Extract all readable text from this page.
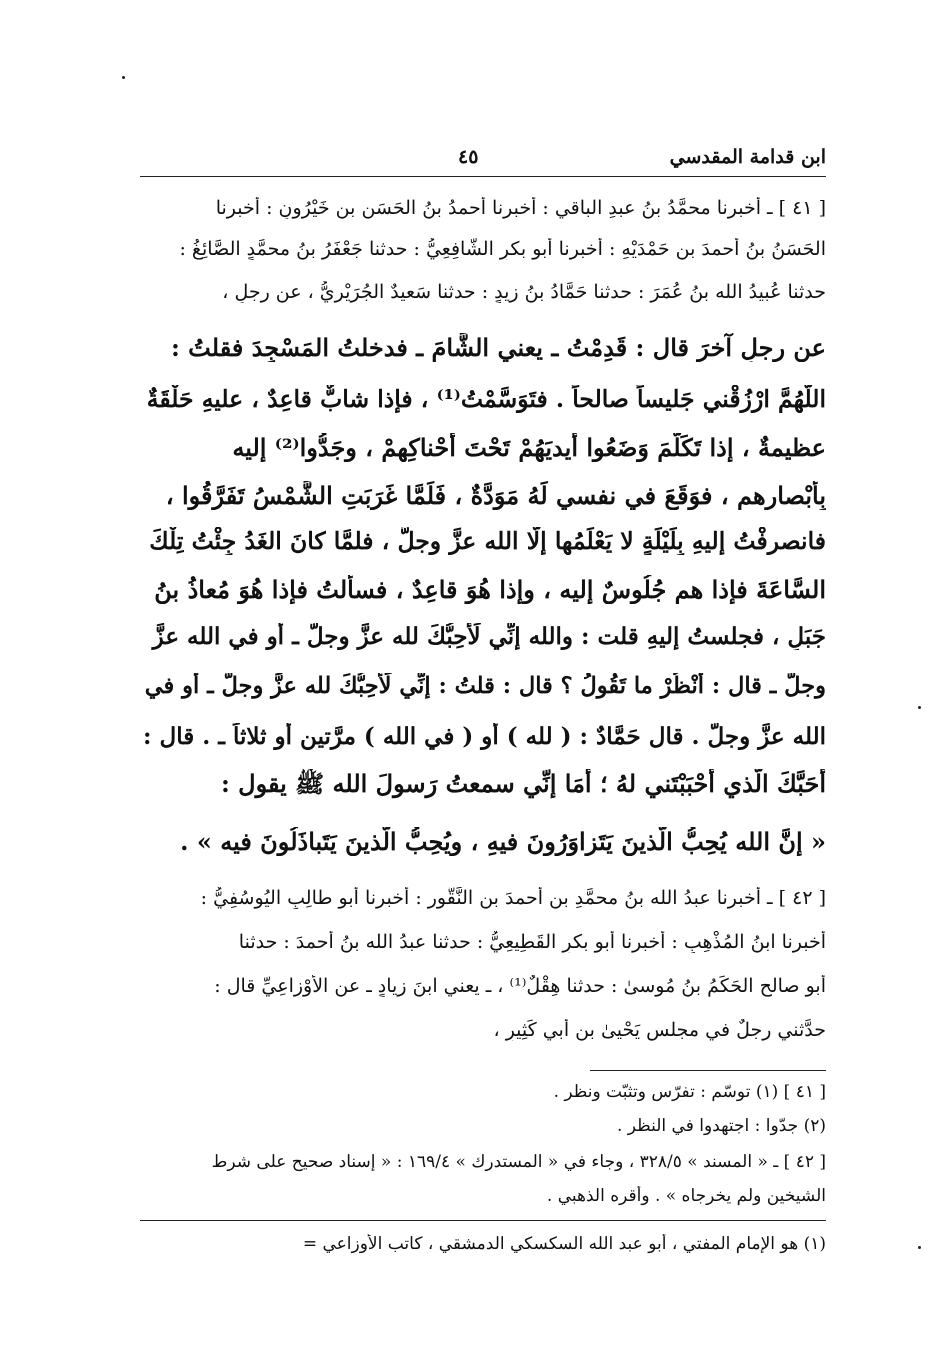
ابن قدامة المقدسي
٤٥
[ ٤١ ] ـ أخبرنا محمَّدُ بنُ عبدِ الباقي : أخبرنا أحمدُ بنُ الحَسَنِ بن خَيْرُونٍ : أخبرنا
الحَسَنُ بنُ أحمدَ بن حَمْدَيْهِ : أخبرنا أبو بكرٍ الشَّافِعِيُّ : حدثنا جَعْفَرُ بنُ محمَّدٍ الصَّائِغُ :
حدثنا عُبيدُ الله بنُ عُمَرَ : حدثنا حَمَّادُ بنُ زيدٍ : حدثنا سَعيدٌ الجُرَيْرِيُّ ، عن رجلٍ ،
عن رجلٍ آخرَ قال : قَدِمْتُ ـ يعني الشَّامَ ـ فدخلتُ المَسْجِدَ فقلتُ :
اللَّهُمَّ ارْزُقْني جَليساً صالحاً . فتَوَسَّمْتُ⁽¹⁾ ، فإذا شابٌّ قاعِدٌ ، عليهِ حَلْقَةٌ
عظيمةٌ ، إذا تَكَلَّمَ وَضَعُوا أيديَهُمْ تَحْتَ أَحْناكِهِمْ ، وجَدُّوا⁽²⁾ إليه
بِأَبْصارِهم ، فوَقَعَ في نفسي لَهُ مَوَدَّةٌ ، فَلَمَّا غَرَبَتِ الشَّمْسُ تَفَرَّقُوا ،
فانصرفْتُ إليهِ بِلَيْلَةٍ لا يَعْلَمُها إلَّا الله عزَّ وجلَّ ، فلمَّا كانَ الغَدُ جِئْتُ تِلْكَ
السَّاعَةَ فإذا هم جُلُوسٌ إليه ، وإذا هُوَ قاعِدٌ ، فسألتُ فإذا هُوَ مُعاذُ بنُ
جَبَلٍ ، فجلستُ إليهِ قلت : والله إنِّي لَأُحِبُّكَ لله عزَّ وجلَّ ـ أو في الله عزَّ
وجلَّ ـ قال : أُنْظُرْ ما تَقُولُ ؟ قال : قلتُ : إنِّي لَأُحِبُّكَ لله عزَّ وجلَّ ـ أو في
الله عزَّ وجلَّ . قال حَمَّادٌ : ( لله ) أو ( في الله ) مرَّتين أو ثلاثاً ـ . قال :
أَحَبَّكَ الَّذي أَحْبَبْتَني لهُ ؛ أَمَا إنِّي سمعتُ رَسولَ الله ﷺ يقول :
« إنَّ الله يُحِبُّ الَّذينَ يَتَزاوَرُونَ فيهِ ، ويُحِبُّ الَّذينَ يَتَباذَلُونَ فيه » .
[ ٤٢ ] ـ أخبرنا عبدُ الله بنُ محمَّدِ بن أحمدَ بنِ النَّقُّورِ : أخبرنا أبو طالِبٍ اليُوسُفِيُّ :
أخبرنا ابنُ المُذْهِبِ : أخبرنا أبو بكرٍ القَطِيعِيُّ : حدثنا عبدُ الله بنُ أحمدَ : حدثنا
أبو صالحٍ الحَكَمُ بنُ مُوسىٰ : حدثنا هِقْلٌ⁽¹⁾ ، ـ يعني ابنَ زيادٍ ـ عنِ الأَوْزاعِيِّ قال :
حدَّثني رجلٌ في مجلسِ يَحْيىٰ بنِ أبي كَثِيرٍ ،
[ ٤١ ] (١) توسّم : تفرّس وتثبّت ونظر .
(٢) جدّوا : اجتهدوا في النظر .
[ ٤٢ ] ـ « المسند » ٣٢٨/٥ ، وجاء في « المستدرك » ١٦٩/٤ : « إسناد صحيح على شرط
الشيخين ولم يخرجاه » . وأقره الذهبي .
(١) هو الإمام المفتي ، أبو عبد الله السكسكي الدمشقي ، كاتب الأوزاعي =
